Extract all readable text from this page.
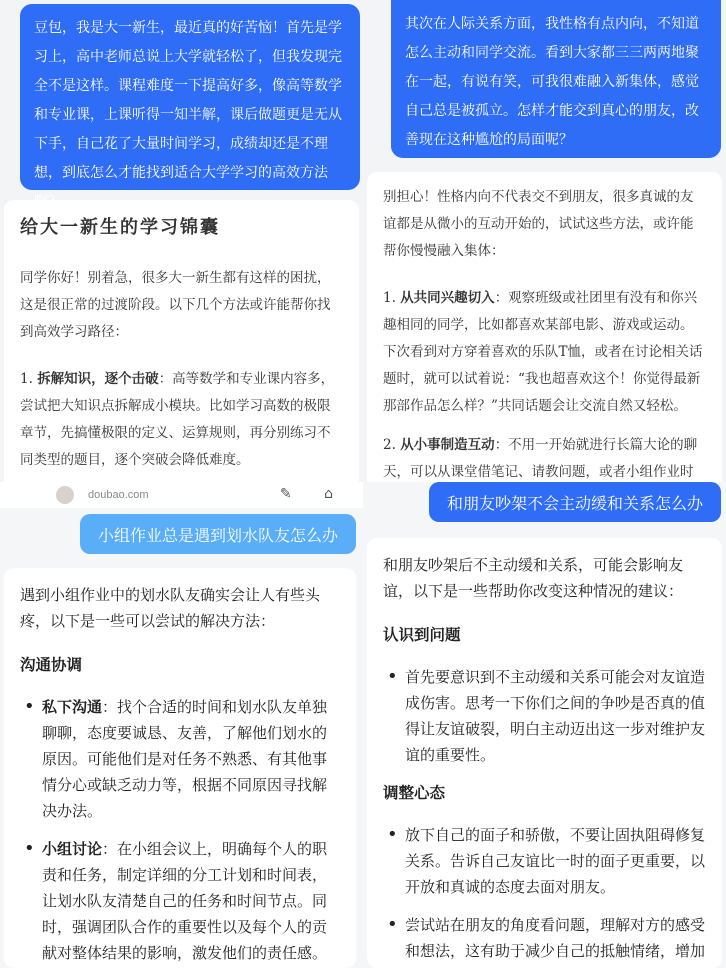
豆包，我是大一新生，最近真的好苦恼！首先是学习上，高中老师总说上大学就轻松了，但我发现完全不是这样。课程难度一下提高好多，像高等数学和专业课，上课听得一知半解，课后做题更是无从下手，自己花了大量时间学习，成绩却还是不理想，到底怎么才能找到适合大学学习的高效方法
给大一新生的学习锦囊

同学你好！别着急，很多大一新生都有这样的困扰，这是很正常的过渡阶段。以下几个方法或许能帮你找到高效学习路径：

1. 拆解知识，逐个击破：高等数学和专业课内容多，尝试把大知识点拆解成小模块。比如学习高数的极限章节，先搞懂极限的定义、运算规则，再分别练习不同类型的题目，逐个突破会降低难度。
其次在人际关系方面，我性格有点内向，不知道怎么主动和同学交流。看到大家都三三两两地聚在一起，有说有笑，可我很难融入新集体，感觉自己总是被孤立。怎样才能交到真心的朋友，改善现在这种尴尬的局面呢？

别担心！性格内向不代表交不到朋友，很多真诚的友谊都是从微小的互动开始的，试试这些方法，或许能帮你慢慢融入集体：

1. 从共同兴趣切入：观察班级或社团里有没有和你兴趣相同的同学，比如都喜欢某部电影、游戏或运动。下次看到对方穿着喜欢的乐队T恤，或者在讨论相关话题时，就可以试着说：“我也超喜欢这个！你觉得最新那部作品怎么样？”共同话题会让交流自然又轻松。
2. 从小事制造互动：不用一开始就进行长篇大论的聊天，可以从课堂借笔记、请教问题，或者小组作业时
doubao.com	✎ ⌂
小组作业总是遇到划水队友怎么办

遇到小组作业中的划水队友确实会让人有些头疼，以下是一些可以尝试的解决方法：

沟通协调
• 私下沟通：找个合适的时间和划水队友单独聊聊，态度要诚恳、友善，了解他们划水的原因。可能他们是对任务不熟悉、有其他事情分心或缺乏动力等，根据不同原因寻找解决办法。
• 小组讨论：在小组会议上，明确每个人的职责和任务，制定详细的分工计划和时间表，让划水队友清楚自己的任务和时间节点。同时，强调团队合作的重要性以及每个人的贡献对整体结果的影响，激发他们的责任感。
和朋友吵架不会主动缓和关系怎么办

和朋友吵架后不主动缓和关系，可能会影响友谊，以下是一些帮助你改变这种情况的建议：

认识到问题
• 首先要意识到不主动缓和关系可能会对友谊造成伤害。思考一下你们之间的争吵是否真的值得让友谊破裂，明白主动迈出这一步对维护友谊的重要性。
调整心态
• 放下自己的面子和骄傲，不要让固执阻碍修复关系。告诉自己友谊比一时的面子更重要，以开放和真诚的态度去面对朋友。
• 尝试站在朋友的角度看问题，理解对方的感受和想法，这有助于减少自己的抵触情绪，增加
